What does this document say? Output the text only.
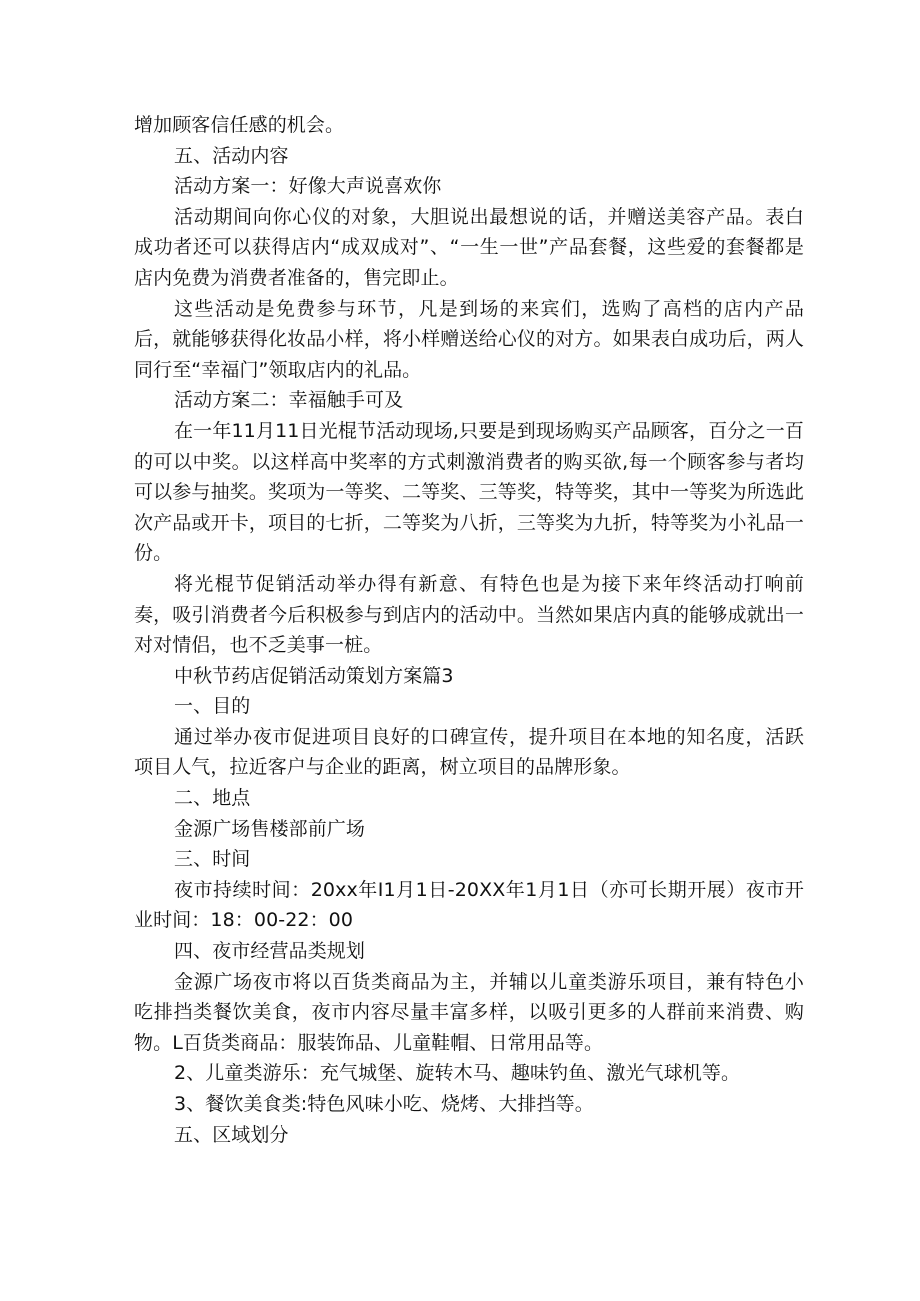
增加顾客信任感的机会。

五、活动内容

活动方案一：好像大声说喜欢你

活动期间向你心仪的对象，大胆说出最想说的话，并赠送美容产品。表白成功者还可以获得店内“成双成对”、“一生一世”产品套餐，这些爱的套餐都是店内免费为消费者准备的，售完即止。

这些活动是免费参与环节，凡是到场的来宾们，选购了高档的店内产品后，就能够获得化妆品小样，将小样赠送给心仪的对方。如果表白成功后，两人同行至“幸福门”领取店内的礼品。

活动方案二：幸福触手可及

在一年11月11日光棍节活动现场,只要是到现场购买产品顾客，百分之一百的可以中奖。以这样高中奖率的方式刺激消费者的购买欲,每一个顾客参与者均可以参与抽奖。奖项为一等奖、二等奖、三等奖，特等奖，其中一等奖为所选此次产品或开卡，项目的七折，二等奖为八折，三等奖为九折，特等奖为小礼品一份。

将光棍节促销活动举办得有新意、有特色也是为接下来年终活动打响前奏，吸引消费者今后积极参与到店内的活动中。当然如果店内真的能够成就出一对对情侣，也不乏美事一桩。

中秋节药店促销活动策划方案篇3

一、目的

通过举办夜市促进项目良好的口碑宣传，提升项目在本地的知名度，活跃项目人气，拉近客户与企业的距离，树立项目的品牌形象。

二、地点

金源广场售楼部前广场

三、时间

夜市持续时间：20xx年I1月1日-20XX年1月1日（亦可长期开展）夜市开业时间：18：00-22：00

四、夜市经营品类规划

金源广场夜市将以百货类商品为主，并辅以儿童类游乐项目，兼有特色小吃排挡类餐饮美食，夜市内容尽量丰富多样，以吸引更多的人群前来消费、购物。L百货类商品：服装饰品、儿童鞋帽、日常用品等。

2、儿童类游乐：充气城堡、旋转木马、趣味钓鱼、激光气球机等。

3、餐饮美食类:特色风味小吃、烧烤、大排挡等。

五、区域划分
